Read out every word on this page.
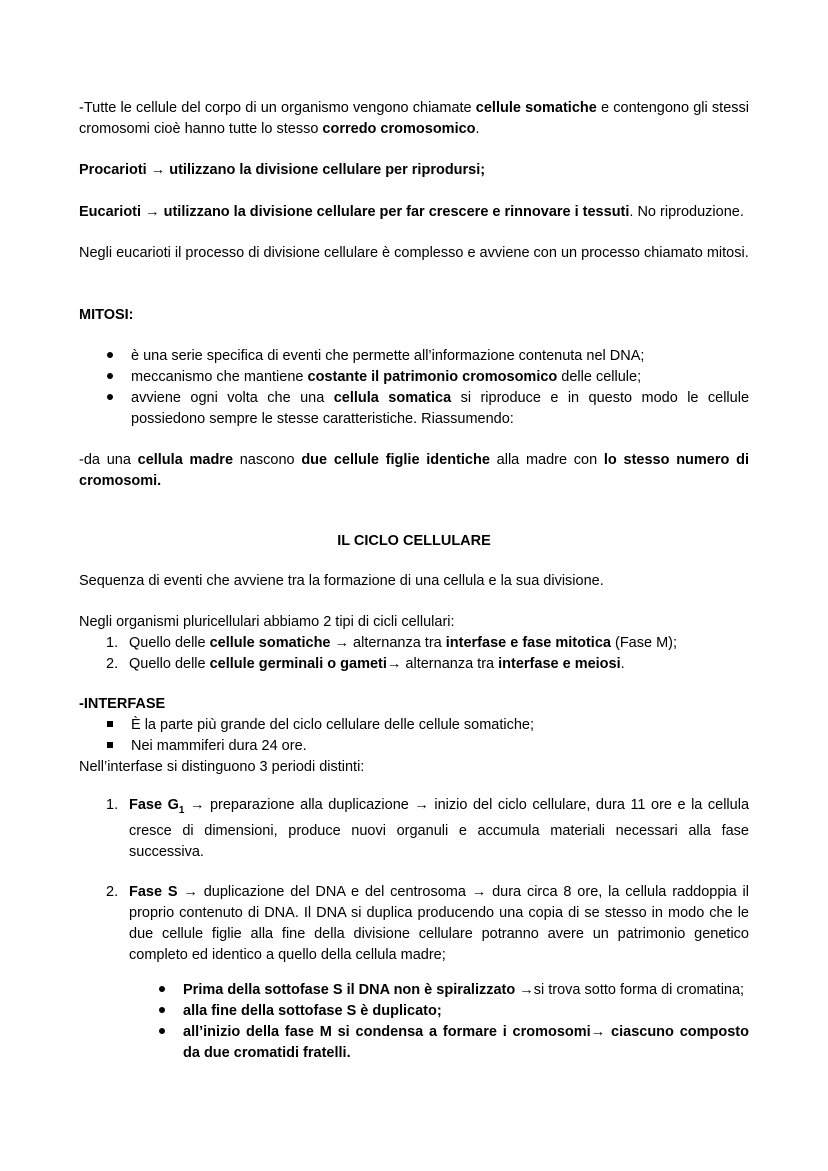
-Tutte le cellule del corpo di un organismo vengono chiamate cellule somatiche e contengono gli stessi cromosomi cioè hanno tutte lo stesso corredo cromosomico.
Procarioti → utilizzano la divisione cellulare per riprodursi;
Eucarioti → utilizzano la divisione cellulare per far crescere e rinnovare i tessuti. No riproduzione.
Negli eucarioti il processo di divisione cellulare è complesso e avviene con un processo chiamato mitosi.
MITOSI:
è una serie specifica di eventi che permette all’informazione contenuta nel DNA;
meccanismo che mantiene costante il patrimonio cromosomico delle cellule;
avviene ogni volta che una cellula somatica si riproduce e in questo modo le cellule possiedono sempre le stesse caratteristiche. Riassumendo:
-da una cellula madre nascono due cellule figlie identiche alla madre con lo stesso numero di cromosomi.
IL CICLO CELLULARE
Sequenza di eventi che avviene tra la formazione di una cellula e la sua divisione.
Negli organismi pluricellulari abbiamo 2 tipi di cicli cellulari:
1. Quello delle cellule somatiche → alternanza tra interfase e fase mitotica (Fase M);
2. Quello delle cellule germinali o gameti→ alternanza tra interfase e meiosi.
-INTERFASE
È la parte più grande del ciclo cellulare delle cellule somatiche;
Nei mammiferi dura 24 ore.
Nell’interfase si distinguono 3 periodi distinti:
1. Fase $G_1$ → preparazione alla duplicazione → inizio del ciclo cellulare, dura 11 ore e la cellula cresce di dimensioni, produce nuovi organuli e accumula materiali necessari alla fase successiva.
2. Fase S → duplicazione del DNA e del centrosoma → dura circa 8 ore, la cellula raddoppia il proprio contenuto di DNA. Il DNA si duplica producendo una copia di se stesso in modo che le due cellule figlie alla fine della divisione cellulare potranno avere un patrimonio genetico completo ed identico a quello della cellula madre;
Prima della sottofase S il DNA non è spiralizzato →si trova sotto forma di cromatina;
alla fine della sottofase S è duplicato;
all’inizio della fase M si condensa a formare i cromosomi→ ciascuno composto da due cromatidi fratelli.
